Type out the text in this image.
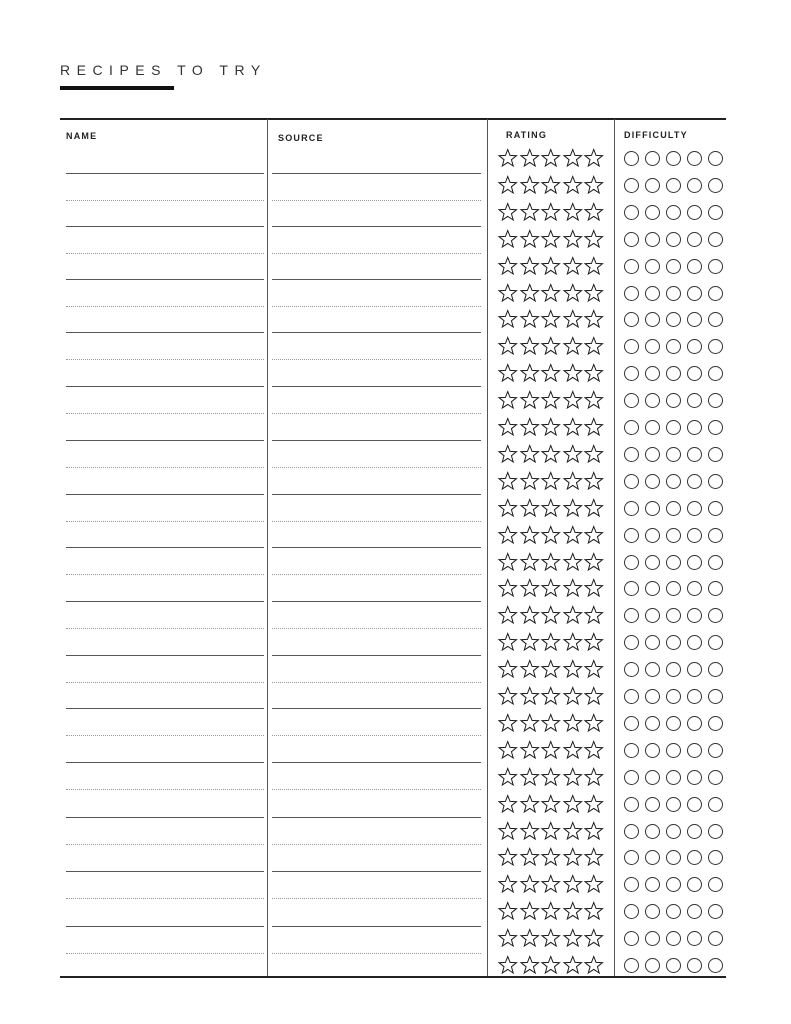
RECIPES TO TRY
NAME	SOURCE	RATING	DIFFICULTY
